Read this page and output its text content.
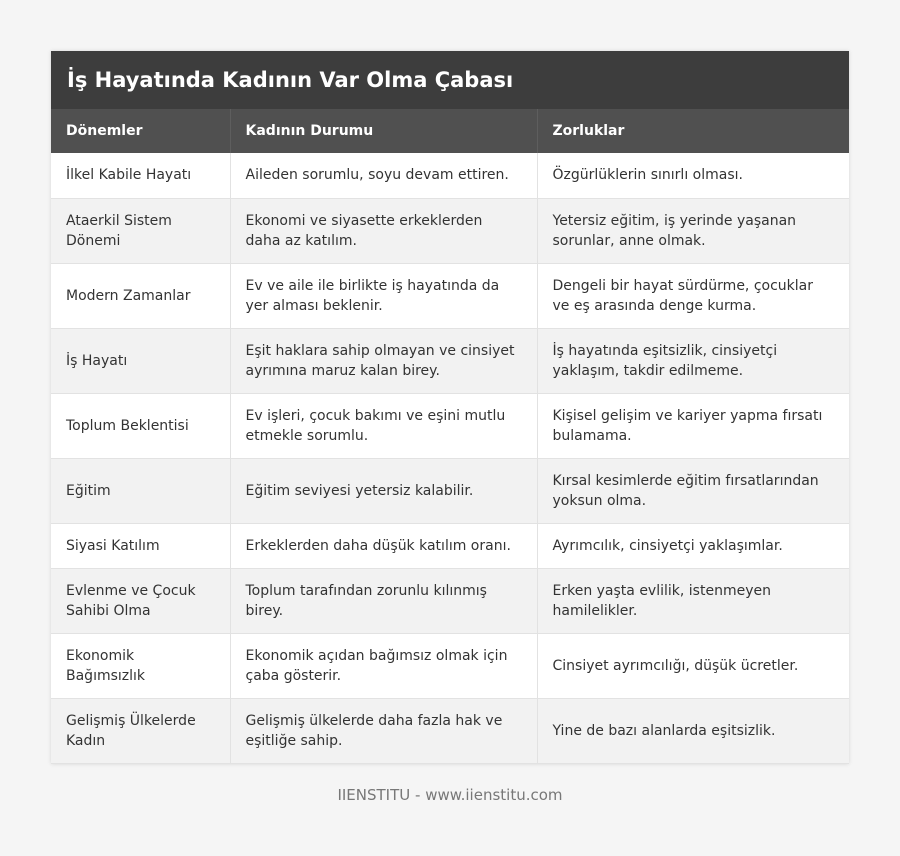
İş Hayatında Kadının Var Olma Çabası
Dönemler	Kadının Durumu	Zorluklar
İlkel Kabile Hayatı	Aileden sorumlu, soyu devam ettiren.	Özgürlüklerin sınırlı olması.
Ataerkil Sistem Dönemi	Ekonomi ve siyasette erkeklerden daha az katılım.	Yetersiz eğitim, iş yerinde yaşanan sorunlar, anne olmak.
Modern Zamanlar	Ev ve aile ile birlikte iş hayatında da yer alması beklenir.	Dengeli bir hayat sürdürme, çocuklar ve eş arasında denge kurma.
İş Hayatı	Eşit haklara sahip olmayan ve cinsiyet ayrımına maruz kalan birey.	İş hayatında eşitsizlik, cinsiyetçi yaklaşım, takdir edilmeme.
Toplum Beklentisi	Ev işleri, çocuk bakımı ve eşini mutlu etmekle sorumlu.	Kişisel gelişim ve kariyer yapma fırsatı bulamama.
Eğitim	Eğitim seviyesi yetersiz kalabilir.	Kırsal kesimlerde eğitim fırsatlarından yoksun olma.
Siyasi Katılım	Erkeklerden daha düşük katılım oranı.	Ayrımcılık, cinsiyetçi yaklaşımlar.
Evlenme ve Çocuk Sahibi Olma	Toplum tarafından zorunlu kılınmış birey.	Erken yaşta evlilik, istenmeyen hamilelikler.
Ekonomik Bağımsızlık	Ekonomik açıdan bağımsız olmak için çaba gösterir.	Cinsiyet ayrımcılığı, düşük ücretler.
Gelişmiş Ülkelerde Kadın	Gelişmiş ülkelerde daha fazla hak ve eşitliğe sahip.	Yine de bazı alanlarda eşitsizlik.
IIENSTITU - www.iienstitu.com
